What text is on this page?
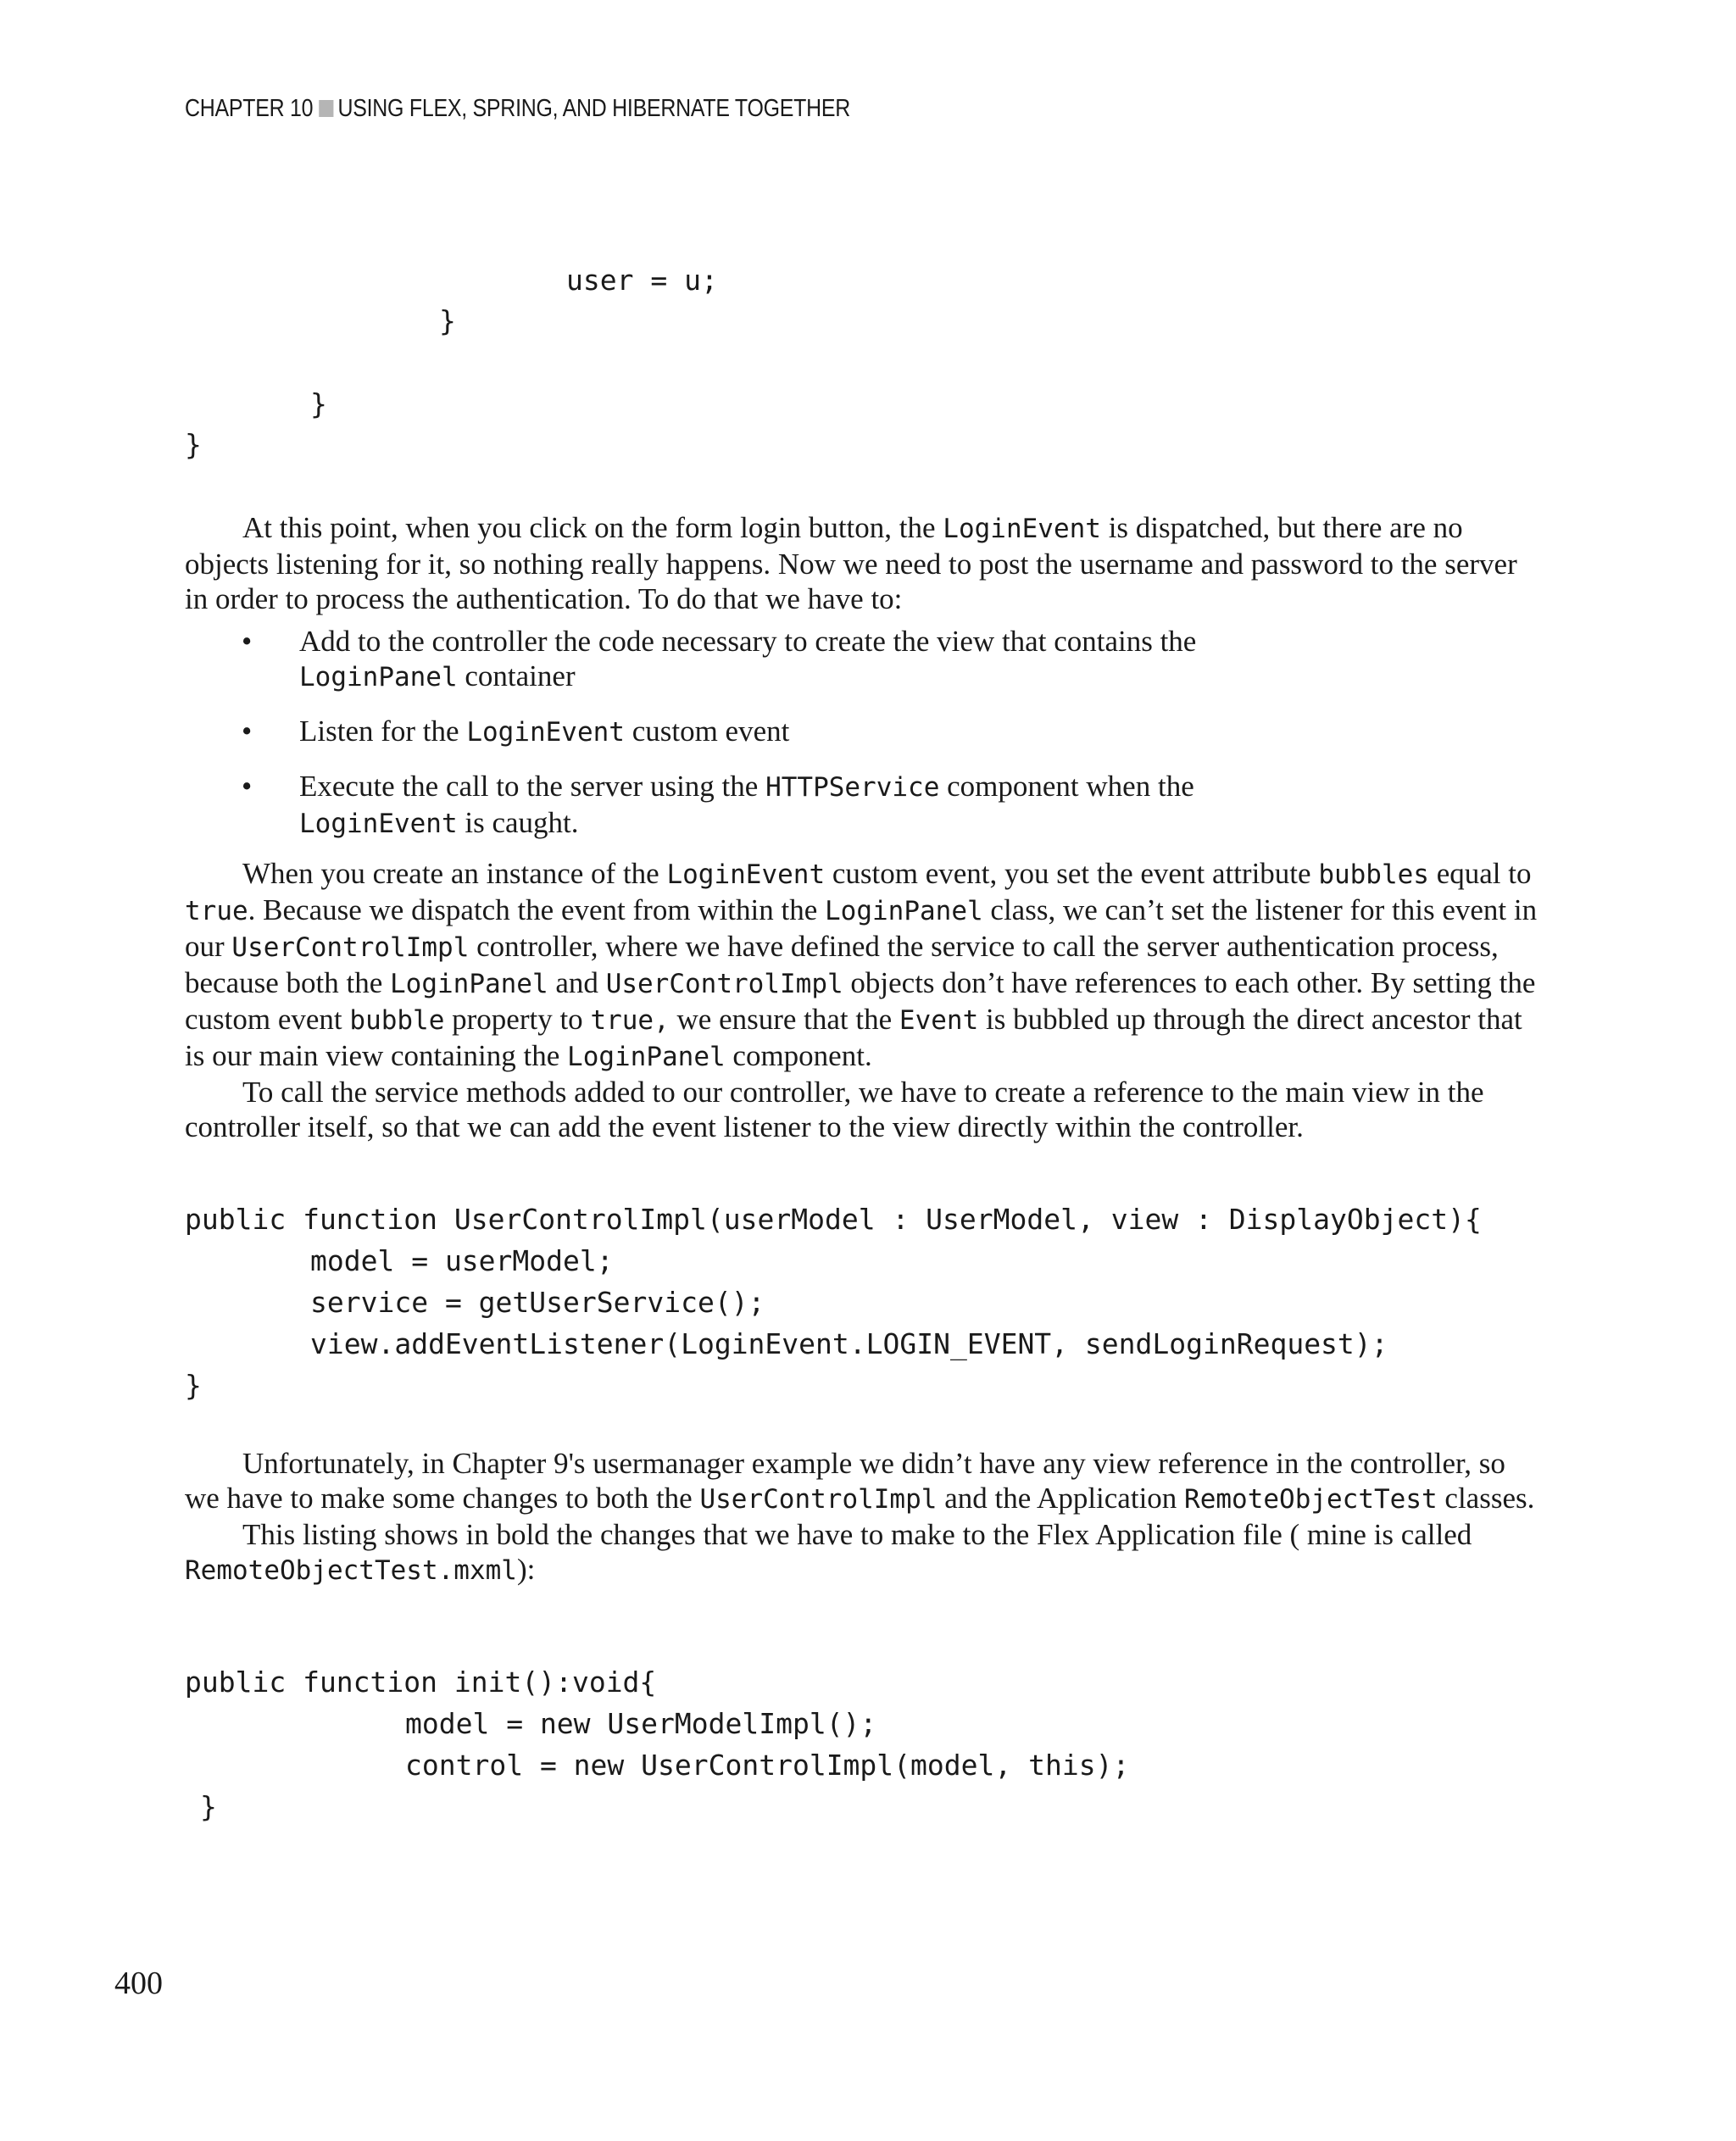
CHAPTER 10 USING FLEX, SPRING, AND HIBERNATE TOGETHER
user = u;
}
}
}

At this point, when you click on the form login button, the LoginEvent is dispatched, but there are no objects listening for it, so nothing really happens. Now we need to post the username and password to the server in order to process the authentication. To do that we have to:

• Add to the controller the code necessary to create the view that contains the
LoginPanel container
• Listen for the LoginEvent custom event
• Execute the call to the server using the HTTPService component when the
LoginEvent is caught.

When you create an instance of the LoginEvent custom event, you set the event attribute bubbles equal to true. Because we dispatch the event from within the LoginPanel class, we can’t set the listener for this event in our UserControlImpl controller, where we have defined the service to call the server authentication process, because both the LoginPanel and UserControlImpl objects don’t have references to each other. By setting the custom event bubble property to true, we ensure that the Event is bubbled up through the direct ancestor that is our main view containing the LoginPanel component.

To call the service methods added to our controller, we have to create a reference to the main view in the controller itself, so that we can add the event listener to the view directly within the controller.

public function UserControlImpl(userModel : UserModel, view : DisplayObject){
model = userModel;
service = getUserService();
view.addEventListener(LoginEvent.LOGIN_EVENT, sendLoginRequest);
}

Unfortunately, in Chapter 9's usermanager example we didn’t have any view reference in the controller, so we have to make some changes to both the UserControlImpl and the Application RemoteObjectTest classes.

This listing shows in bold the changes that we have to make to the Flex Application file ( mine is called RemoteObjectTest.mxml):

public function init():void{
model = new UserModelImpl();
control = new UserControlImpl(model, this);
}
400
